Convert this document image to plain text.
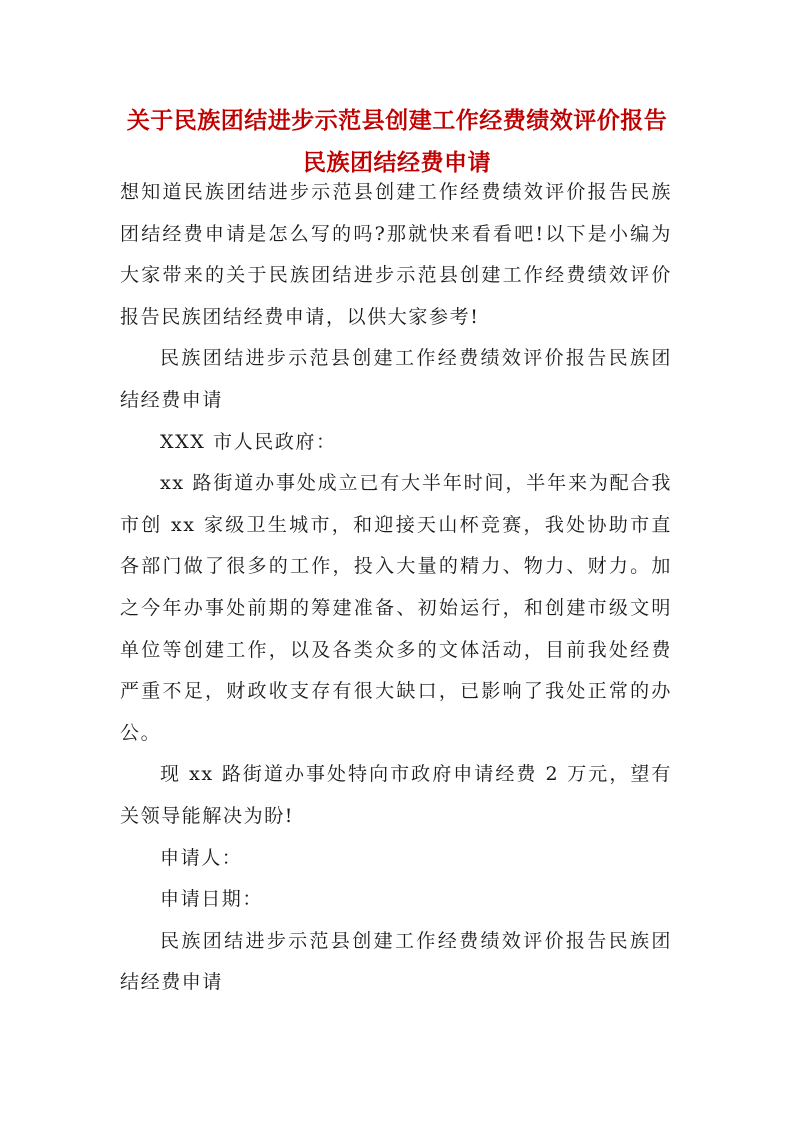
关于民族团结进步示范县创建工作经费绩效评价报告
民族团结经费申请

想知道民族团结进步示范县创建工作经费绩效评价报告民族团结经费申请是怎么写的吗?那就快来看看吧!以下是小编为大家带来的关于民族团结进步示范县创建工作经费绩效评价报告民族团结经费申请，以供大家参考!

民族团结进步示范县创建工作经费绩效评价报告民族团结经费申请

XXX 市人民政府：

xx 路街道办事处成立已有大半年时间，半年来为配合我市创 xx 家级卫生城市，和迎接天山杯竞赛，我处协助市直各部门做了很多的工作，投入大量的精力、物力、财力。加之今年办事处前期的筹建准备、初始运行，和创建市级文明单位等创建工作，以及各类众多的文体活动，目前我处经费严重不足，财政收支存有很大缺口，已影响了我处正常的办公。

现 xx 路街道办事处特向市政府申请经费 2 万元，望有关领导能解决为盼!

申请人：

申请日期：

民族团结进步示范县创建工作经费绩效评价报告民族团结经费申请
